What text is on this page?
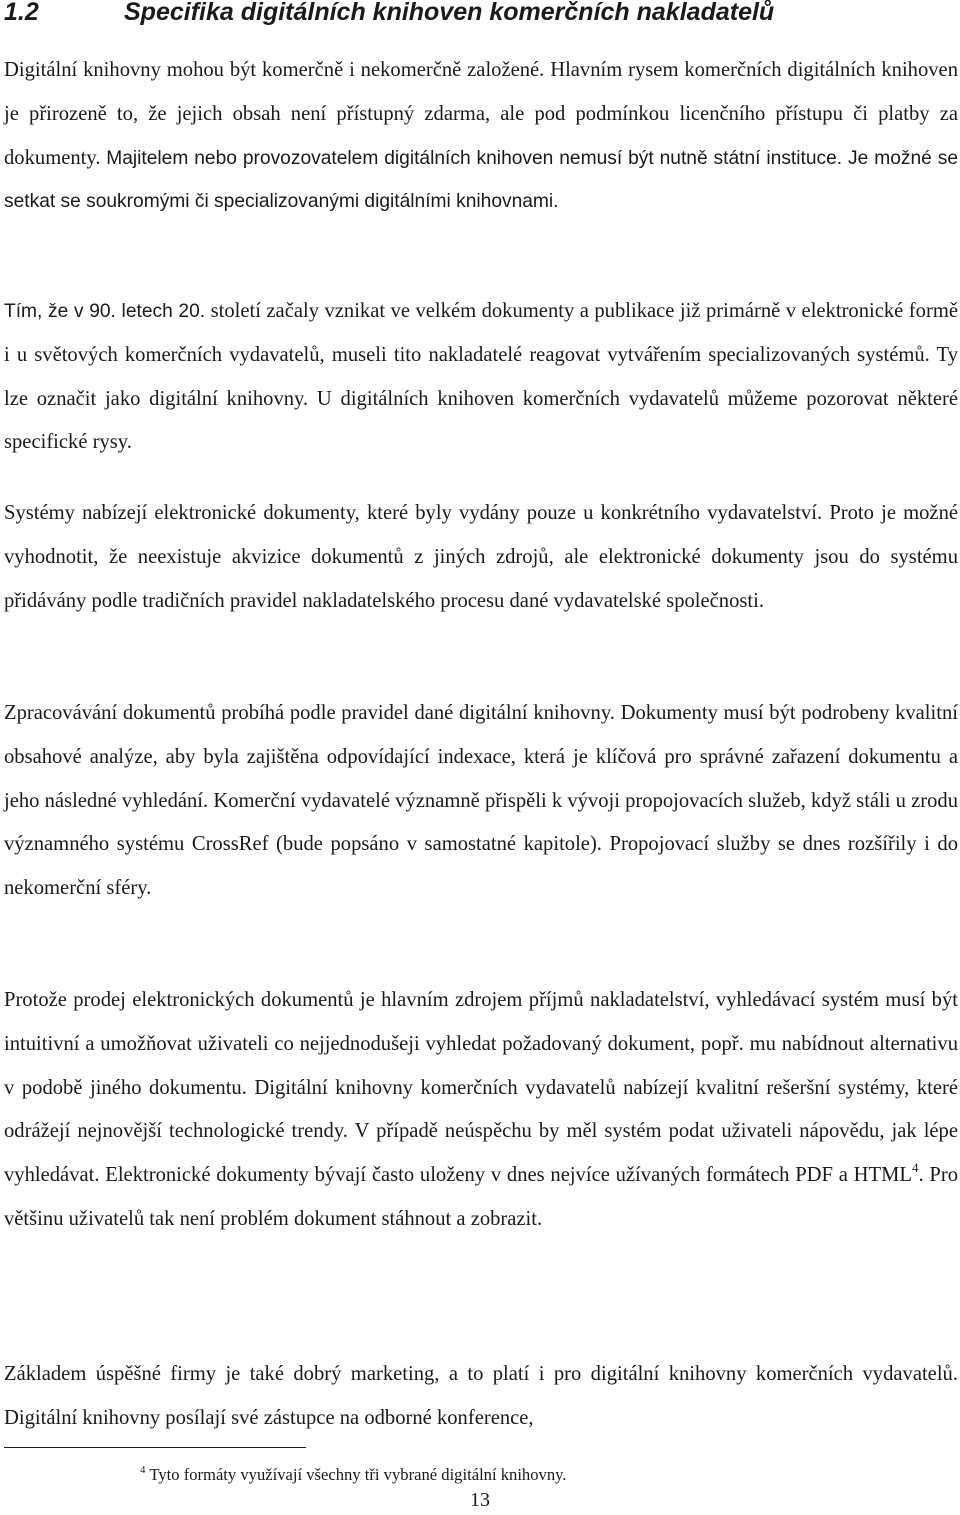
1.2	Specifika digitálních knihoven komerčních nakladatelů

Digitální knihovny mohou být komerčně i nekomerčně založené. Hlavním rysem komerčních digitálních knihoven je přirozeně to, že jejich obsah není přístupný zdarma, ale pod podmínkou licenčního přístupu či platby za dokumenty. Majitelem nebo provozovatelem digitálních knihoven nemusí být nutně státní instituce. Je možné se setkat se soukromými či specializovanými digitálními knihovnami.

Tím, že v 90. letech 20. století začaly vznikat ve velkém dokumenty a publikace již primárně v elektronické formě i u světových komerčních vydavatelů, museli tito nakladatelé reagovat vytvářením specializovaných systémů. Ty lze označit jako digitální knihovny. U digitálních knihoven komerčních vydavatelů můžeme pozorovat některé specifické rysy.

Systémy nabízejí elektronické dokumenty, které byly vydány pouze u konkrétního vydavatelství. Proto je možné vyhodnotit, že neexistuje akvizice dokumentů z jiných zdrojů, ale elektronické dokumenty jsou do systému přidávány podle tradičních pravidel nakladatelského procesu dané vydavatelské společnosti.

Zpracovávání dokumentů probíhá podle pravidel dané digitální knihovny. Dokumenty musí být podrobeny kvalitní obsahové analýze, aby byla zajištěna odpovídající indexace, která je klíčová pro správné zařazení dokumentu a jeho následné vyhledání. Komerční vydavatelé významně přispěli k vývoji propojovacích služeb, když stáli u zrodu významného systému CrossRef (bude popsáno v samostatné kapitole). Propojovací služby se dnes rozšířily i do nekomerční sféry.

Protože prodej elektronických dokumentů je hlavním zdrojem příjmů nakladatelství, vyhledávací systém musí být intuitivní a umožňovat uživateli co nejjednodušeji vyhledat požadovaný dokument, popř. mu nabídnout alternativu v podobě jiného dokumentu. Digitální knihovny komerčních vydavatelů nabízejí kvalitní rešeršní systémy, které odrážejí nejnovější technologické trendy. V případě neúspěchu by měl systém podat uživateli nápovědu, jak lépe vyhledávat. Elektronické dokumenty bývají často uloženy v dnes nejvíce užívaných formátech PDF a HTML$^4$. Pro většinu uživatelů tak není problém dokument stáhnout a zobrazit.

Základem úspěšné firmy je také dobrý marketing, a to platí i pro digitální knihovny komerčních vydavatelů. Digitální knihovny posílají své zástupce na odborné konference,

$^4$ Tyto formáty využívají všechny tři vybrané digitální knihovny.
13
